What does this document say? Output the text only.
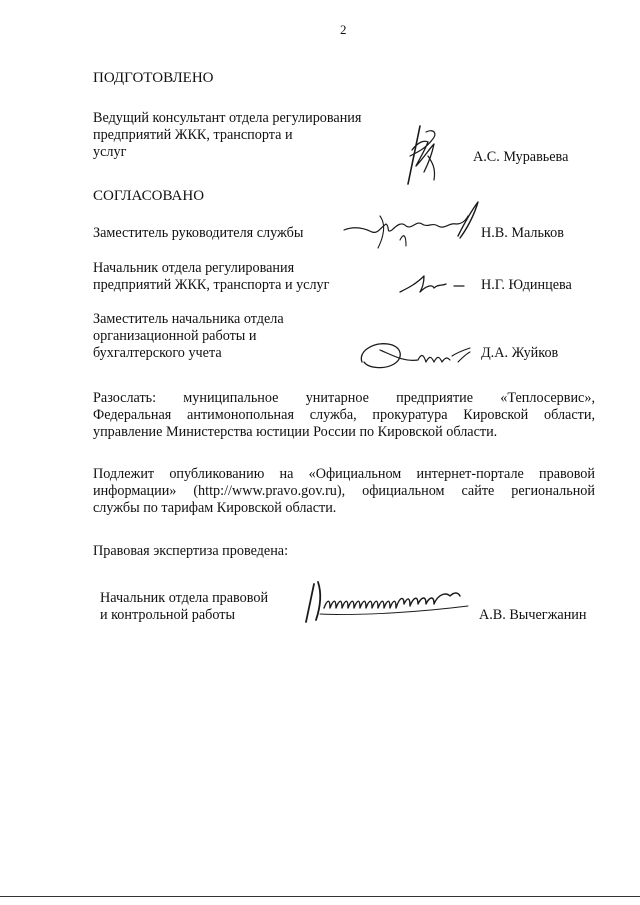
2
ПОДГОТОВЛЕНО
Ведущий консультант отдела регулирования
предприятий ЖКК, транспорта и
услуг	А.С. Муравьева
СОГЛАСОВАНО
Заместитель руководителя службы	Н.В. Мальков
Начальник отдела регулирования
предприятий ЖКК, транспорта и услуг	Н.Г. Юдинцева
Заместитель начальника отдела
организационной работы и
бухгалтерского учета	Д.А. Жуйков
Разослать: муниципальное унитарное предприятие «Теплосервис»,
Федеральная антимонопольная служба, прокуратура Кировской области,
управление Министерства юстиции России по Кировской области.
Подлежит опубликованию на «Официальном интернет-портале правовой
информации» (http://www.pravo.gov.ru), официальном сайте региональной
службы по тарифам Кировской области.
Правовая экспертиза проведена:
Начальник отдела правовой
и контрольной работы	А.В. Вычегжанин
